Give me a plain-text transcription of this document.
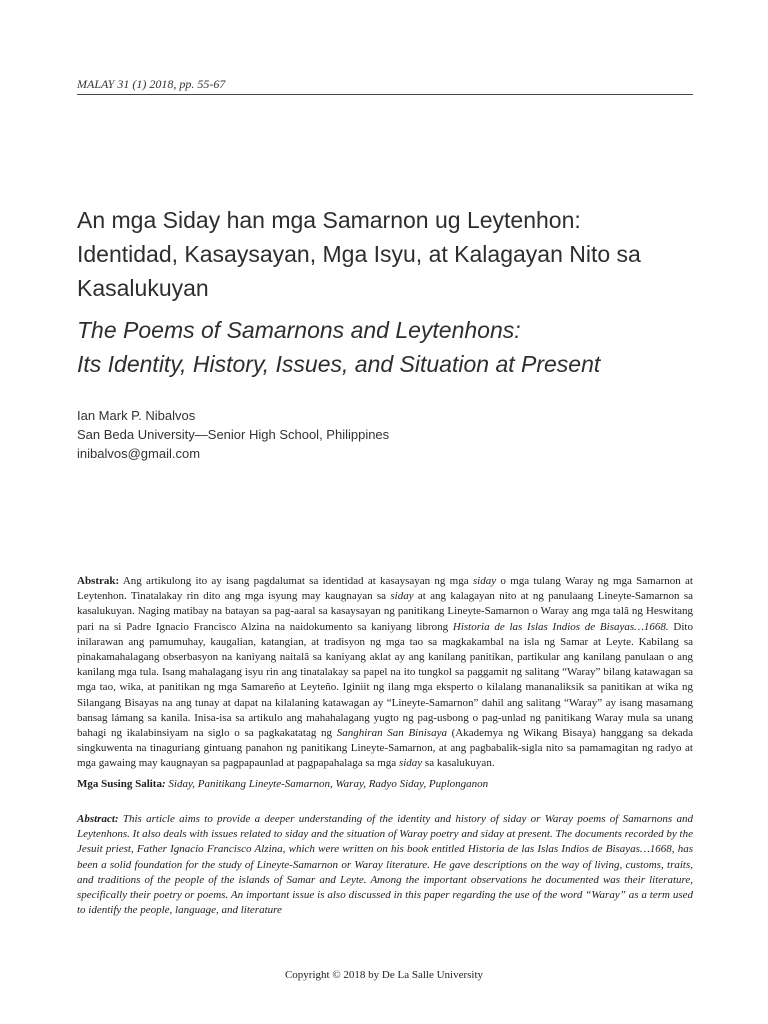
MALAY 31 (1) 2018, pp. 55-67
An mga Siday han mga Samarnon ug Leytenhon:
Identidad, Kasaysayan, Mga Isyu, at Kalagayan Nito sa
Kasalukuyan
The Poems of Samarnons and Leytenhons:
Its Identity, History, Issues, and Situation at Present
Ian Mark P. Nibalvos
San Beda University—Senior High School, Philippines
inibalvos@gmail.com

Abstrak: Ang artikulong ito ay isang pagdalumat sa identidad at kasaysayan ng mga siday o mga tulang Waray ng mga Samarnon at Leytenhon. Tinatalakay rin dito ang mga isyung may kaugnayan sa siday at ang kalagayan nito at ng panulaang Lineyte-Samarnon sa kasalukuyan. Naging matibay na batayan sa pag-aaral sa kasaysayan ng panitikang Lineyte-Samarnon o Waray ang mga talâ ng Heswitang pari na si Padre Ignacio Francisco Alzina na naidokumento sa kaniyang librong Historia de las Islas Indios de Bisayas…1668. Dito inilarawan ang pamumuhay, kaugalian, katangian, at tradisyon ng mga tao sa magkakambal na isla ng Samar at Leyte. Kabilang sa pinakamahalagang obserbasyon na kaniyang naitalâ sa kaniyang aklat ay ang kanilang panitikan, partikular ang kanilang panulaan o ang kanilang mga tula. Isang mahalagang isyu rin ang tinatalakay sa papel na ito tungkol sa paggamit ng salitang “Waray” bilang katawagan sa mga tao, wika, at panitikan ng mga Samareño at Leyteño. Iginiit ng ilang mga eksperto o kilalang mananaliksik sa panitikan at wika ng Silangang Bisayas na ang tunay at dapat na kilalaning katawagan ay “Lineyte-Samarnon” dahil ang salitang “Waray” ay isang masamang bansag lámang sa kanila. Inisa-isa sa artikulo ang mahahalagang yugto ng pag-usbong o pag-unlad ng panitikang Waray mula sa unang bahagi ng ikalabinsiyam na siglo o sa pagkakatatag ng Sanghiran San Binisaya (Akademya ng Wikang Bisaya) hanggang sa dekada singkuwenta na tinaguriang gintuang panahon ng panitikang Lineyte-Samarnon, at ang pagbabalik-sigla nito sa pamamagitan ng radyo at mga gawaing may kaugnayan sa pagpapaunlad at pagpapahalaga sa mga siday sa kasalukuyan.

Mga Susing Salita: Siday, Panitikang Lineyte-Samarnon, Waray, Radyo Siday, Puplonganon

Abstract: This article aims to provide a deeper understanding of the identity and history of siday or Waray poems of Samarnons and Leytenhons. It also deals with issues related to siday and the situation of Waray poetry and siday at present. The documents recorded by the Jesuit priest, Father Ignacio Francisco Alzina, which were written on his book entitled Historia de las Islas Indios de Bisayas…1668, has been a solid foundation for the study of Lineyte-Samarnon or Waray literature. He gave descriptions on the way of living, customs, traits, and traditions of the people of the islands of Samar and Leyte. Among the important observations he documented was their literature, specifically their poetry or poems. An important issue is also discussed in this paper regarding the use of the word “Waray” as a term used to identify the people, language, and literature

Copyright © 2018 by De La Salle University
